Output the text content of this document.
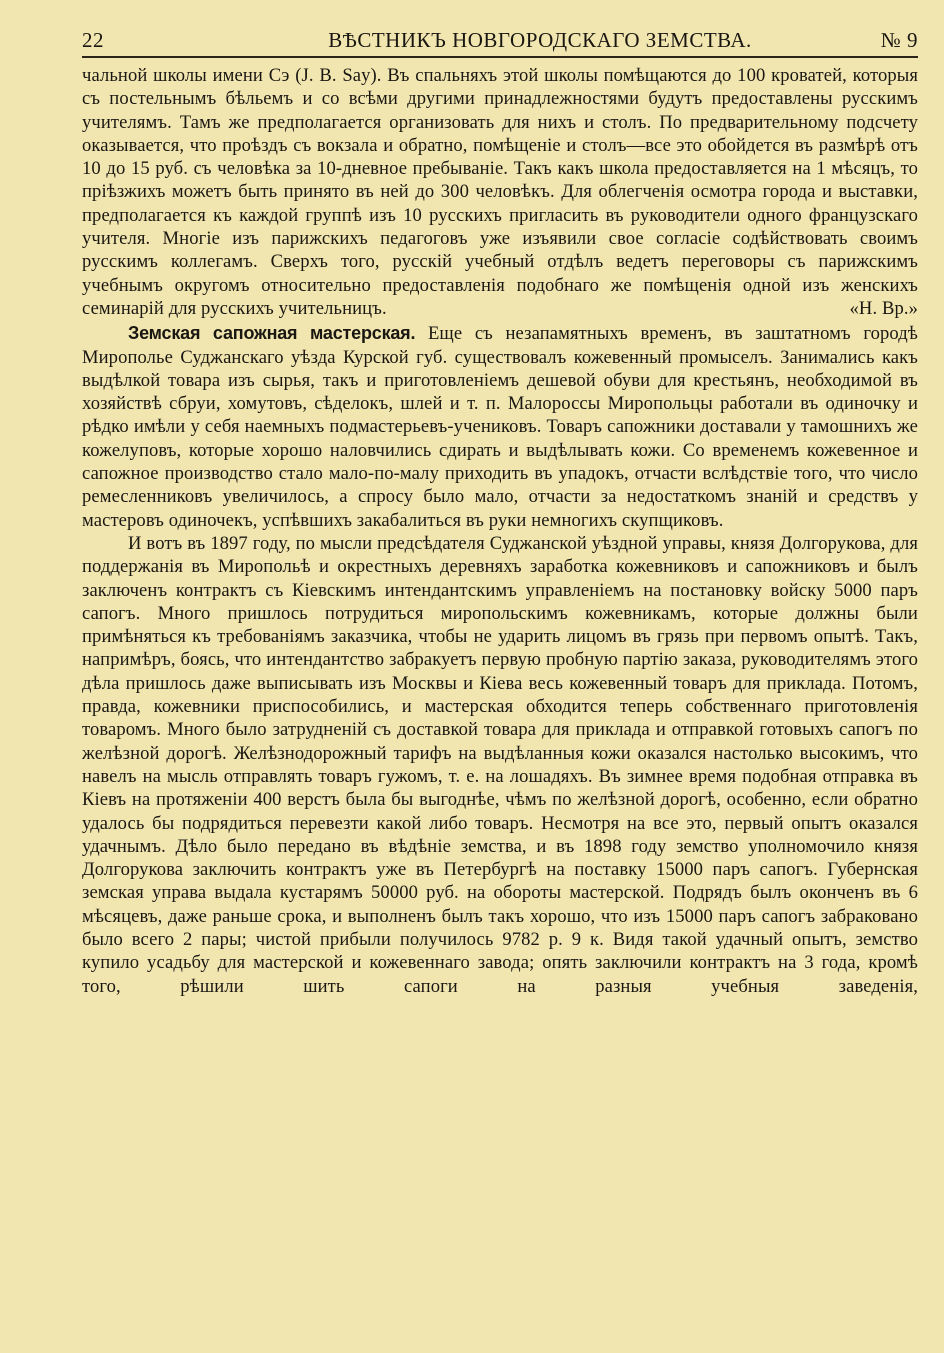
22	ВѢСТНИКЪ НОВГОРОДСКАГО ЗЕМСТВА.	№ 9

чальной школы имени Сэ (J. B. Say). Въ спальняхъ этой школы помѣщаются до 100 кроватей, которыя съ постельнымъ бѣльемъ и со всѣми другими принадлежностями будутъ предоставлены русскимъ учителямъ. Тамъ же предполагается организовать для нихъ и столъ. По предварительному подсчету оказывается, что проѣздъ съ вокзала и обратно, помѣщеніе и столъ—все это обойдется въ размѣрѣ отъ 10 до 15 руб. съ человѣка за 10-дневное пребываніе. Такъ какъ школа предоставляется на 1 мѣсяцъ, то пріѣзжихъ можетъ быть принято въ ней до 300 человѣкъ. Для облегченія осмотра города и выставки, предполагается къ каждой группѣ изъ 10 русскихъ пригласить въ руководители одного французскаго учителя. Многіе изъ парижскихъ педагоговъ уже изъявили свое согласіе содѣйствовать своимъ русскимъ коллегамъ. Сверхъ того, русскій учебный отдѣлъ ведетъ переговоры съ парижскимъ учебнымъ округомъ относительно предоставленія подобнаго же помѣщенія одной изъ женскихъ семинарій для русскихъ учительницъ.	«Н. Вр.»

Земская сапожная мастерская. Еще съ незапамятныхъ временъ, въ заштатномъ городѣ Мирополье Суджанскаго уѣзда Курской губ. существовалъ кожевенный промыселъ. Занимались какъ выдѣлкой товара изъ сырья, такъ и приготовленіемъ дешевой обуви для крестьянъ, необходимой въ хозяйствѣ сбруи, хомутовъ, сѣделокъ, шлей и т. п. Малороссы Миропольцы работали въ одиночку и рѣдко имѣли у себя наемныхъ подмастерьевъ-учениковъ. Товаръ сапожники доставали у тамошнихъ же кожелуповъ, которые хорошо наловчились сдирать и выдѣлывать кожи. Со временемъ кожевенное и сапожное производство стало мало-по-малу приходить въ упадокъ, отчасти вслѣдствіе того, что число ремесленниковъ увеличилось, а спросу было мало, отчасти за недостаткомъ знаній и средствъ у мастеровъ одиночекъ, успѣвшихъ закабалиться въ руки немногихъ скупщиковъ.

И вотъ въ 1897 году, по мысли предсѣдателя Суджанской уѣздной управы, князя Долгорукова, для поддержанія въ Миропольѣ и окрестныхъ деревняхъ заработка кожевниковъ и сапожниковъ и былъ заключенъ контрактъ съ Кіевскимъ интендантскимъ управленіемъ на постановку войску 5000 паръ сапогъ. Много пришлось потрудиться миропольскимъ кожевникамъ, которые должны были примѣняться къ требованіямъ заказчика, чтобы не ударить лицомъ въ грязь при первомъ опытѣ. Такъ, напримѣръ, боясь, что интендантство забракуетъ первую пробную партію заказа, руководителямъ этого дѣла пришлось даже выписывать изъ Москвы и Кіева весь кожевенный товаръ для приклада. Потомъ, правда, кожевники приспособились, и мастерская обходится теперь собственнаго приготовленія товаромъ. Много было затрудненій съ доставкой товара для приклада и отправкой готовыхъ сапогъ по желѣзной дорогѣ. Желѣзнодорожный тарифъ на выдѣланныя кожи оказался настолько высокимъ, что навелъ на мысль отправлять товаръ гужомъ, т. е. на лошадяхъ. Въ зимнее время подобная отправка въ Кіевъ на протяженіи 400 верстъ была бы выгоднѣе, чѣмъ по желѣзной дорогѣ, особенно, если обратно удалось бы подрядиться перевезти какой либо товаръ. Несмотря на все это, первый опытъ оказался удачнымъ. Дѣло было передано въ вѣдѣніе земства, и въ 1898 году земство уполномочило князя Долгорукова заключить контрактъ уже въ Петербургѣ на поставку 15000 паръ сапогъ. Губернская земская управа выдала кустарямъ 50000 руб. на обороты мастерской. Подрядъ былъ оконченъ въ 6 мѣсяцевъ, даже раньше срока, и выполненъ былъ такъ хорошо, что изъ 15000 паръ сапогъ забраковано было всего 2 пары; чистой прибыли получилось 9782 р. 9 к. Видя такой удачный опытъ, земство купило усадьбу для мастерской и кожевеннаго завода; опять заключили контрактъ на 3 года, кромѣ того, рѣшили шить сапоги на разныя учебныя заведенія,
